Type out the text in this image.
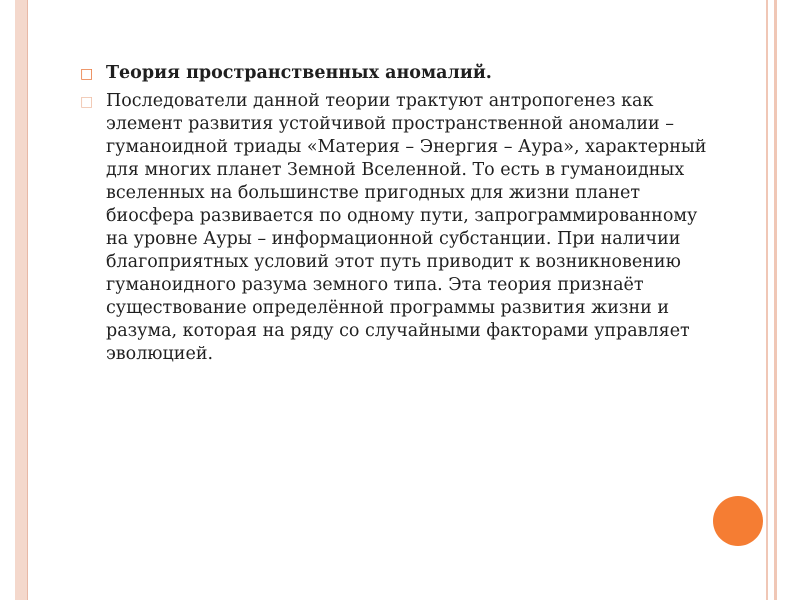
□ Теория пространственных аномалий.

□ Последователи данной теории трактуют антропогенез как элемент развития устойчивой пространственной аномалии – гуманоидной триады «Материя – Энергия – Аура», характерный для многих планет Земной Вселенной. То есть в гуманоидных вселенных на большинстве пригодных для жизни планет биосфера развивается по одному пути, запрограммированному на уровне Ауры – информационной субстанции. При наличии благоприятных условий этот путь приводит к возникновению гуманоидного разума земного типа. Эта теория признаёт существование определённой программы развития жизни и разума, которая на ряду со случайными факторами управляет эволюцией.
